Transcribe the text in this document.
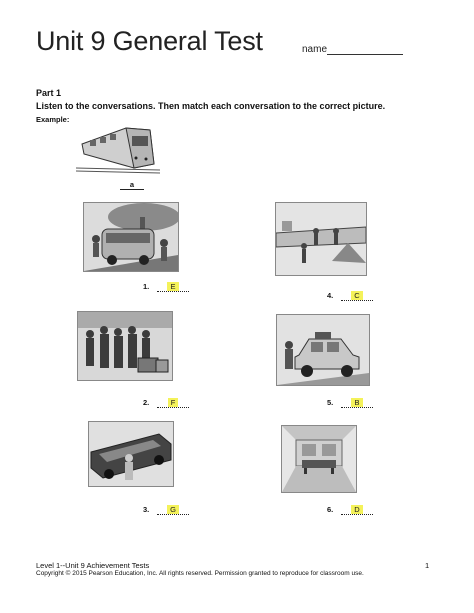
Unit 9 General Test	name
Part 1
Listen to the conversations. Then match each conversation to the correct picture.
Example:
a
1.	E
4.	C
2.	F	5.	B
3.	G	6.	D
Level 1--Unit 9 Achievement Tests
Copyright © 2015 Pearson Education, Inc. All rights reserved. Permission granted to reproduce for classroom use.
1
